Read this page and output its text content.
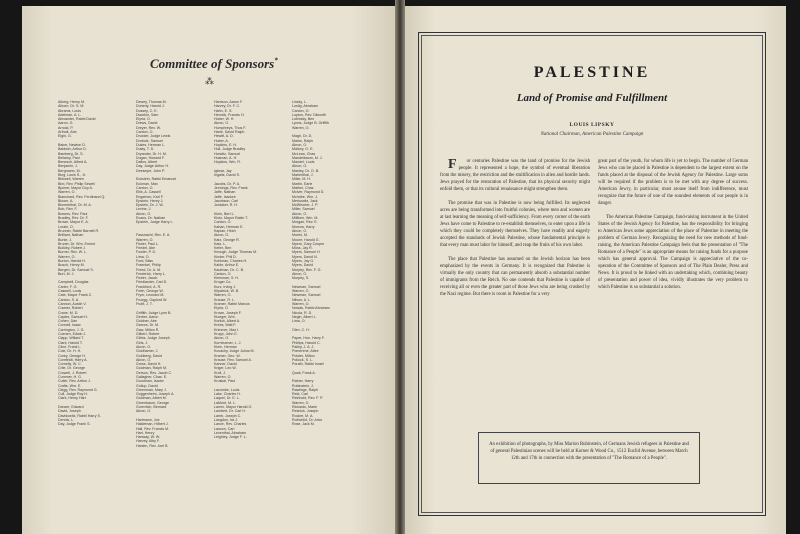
Committee of Sponsors*
⁂
Alberg, Henry M.
Alhorn, Dr. S. M.
Abrams, Louis
Adelman, A. L.
Alexander, Rabbi David
Aaron, G.
Arnold, P.
Artholt, Abe
Elgin, G.
Baker, Newton D.
Baldwin, Arthur D.
Bamberg, Dr. S.
Bellamy, Paul
Benesch, Alfred A.
Benjamin, J.
Bergmann, M.
Bing, Louis S., Jr.
Birkwell, Warren
Bird, Rev. Philip Sewell
Bjomer, Mayor Guy A.
Warren, O.
Blanchard, Rev. Ferdinand Q.
Bloom, A.
Blumenthal, Dr. M. A.
Bob, Rev. F.
Bowers, Rev. Paul
Bradley, Rev. Dr. F.
Brown, Mayor E. A.
Lorain, O.
Brunner, Rabbi Barnett R.
Brilliant, Nathan
Burke, J.
Bruner, Dr. Wm. Ernest
Bulkley, Robert J.
Burner, Rev. W. L.
Warren, O.
Burton, Harold H.
Busch, Henry M.
Bergen, Dr. Samuel S.
Burt, M. J.
Campbell, Douglas
Carter, F. G.
Caswell, Louis
Cate, Mayor Frank C.
Canton, S. A.
Cannon, Austin V.
Cramer, Robert
Crane, M. D.
Caples, Samuel H.
Cohen, Dan
Connell, Isaac
Carrington, J. G.
Coenen, Edwin J.
Clapp, Willard T.
Clark, Harold T.
Cline, Frank L.
Cole, Dr. H. H.
Corey, George H.
Cornfeldt, Harry A.
Cornelly, W. C.
Crile, Dr. George
Crowell, J. Robert
Cummer, H. G.
Cutler, Rev. Arthur J.
Crafts, Wm. E.
Clegg, Rev. Raymond G.
Cull, Judge Roy H.
Clark, Henry Hart
Danzer, Edward
David, Joseph
Davidowitz, Rabbi Harry S.
Dennis, L.
Day, Judge Frank S.
Dewey, Thomas M.
Doherty, Harold J.
Dossey, C. E.
Dworkin, Sam
Elyria, O.
Drews, David
Dreyer, Rev. W.
Canton, O.
Drucker, Judge Lewis
Drobotz, Samuel
Dukes, Herman L.
Dulay, T. D.
Dryander, Dr. H. M.
Dugan, Howard F.
Dallos, Albert
Day, Judge Arthur H.
Deeseyer, John P.
Ecksteln, Rabbi Emanuel
Eckman, Max
Canton, O.
Ellis, A. Cassell
Engstrom, Karl F.
Epstein, Henry J.
Epstein, Dr. J. W.
Levine, J.
Akron, O.
Evans, Dr. Nathan
Epstein, Judge Harry L.
Fassnacht, Rev. E. A.
Warren, O.
Fisher, Paul L.
Friedel, Abe
Fowler, P. D.
Lima, O.
Ford, Bliss
Fraenkel, Philip
Freed, Dr. A. M.
Frederick, Harry L.
Fisher, Jacob
Friedlander, Carl D.
Frankford, A. R.
Forth, George W.
Fryer, Leonard M.
Fruegg, Gaylord W.
Fruitt, J. T.
Griffith, Judge Lynn B.
Gerber, Aaron
Goldner, Abe
Garrow, Dr. M.
Gaw, Milton R.
Gilbert, Robert
Gibbs, Judge Joseph
Girls, J.
Akron, O.
Goldhamer, J.
Goldberg, David
Akron, O.
Gross, David H.
Goldman, Ralph M.
Gerson, Rev. Jacob C.
Gallagher, Chas. E.
Goodman, Isador
Gollup, David
Greenman, Mary J.
Guggenheim, Joseph A.
Goldman, Albert M.
Greenbaum, George
Gurevitch, Bernard
Akron, O.
Hartmann, Joe
Haldeman, Hilbert J.
Hall, Rev. Francis M.
Hart, Henry
Hanway, W. W.
Harvey, Alby F.
Hanlen, Rev. Joel B.
Harrison, Aaron F.
Harvey, Dr. F. C.
Hahn, E. S.
Henrick, Francis H.
Huber, W. H.
Akron, O.
Humphreys, Thos F.
Harte, David Ralph
Hewitt, A. D.
Huber, A.
Hopkins, E. H.
Hull, Judge Bradley
Horwitz, Samuel
Husman, A. H.
Hopkins, Wm. R.
Igbear, Jay
Ingalls, David S.
Jacobs, Dr. P. A.
Jennings, Rev. Frank
Jaffe, Nathan
Jaffe, Isadore
Jacobson, Carl
Jordaker, R. H.
Klein, Bert L.
Klotz, Mayor Rabin T.
Canton, O.
Kahan, Herman E.
Kaplan, Hirsh
Akron, O.
Katz, George R.
Katz, L.
Keller, Ben
Keough, Judge Thomas M.
Kinder, Phil D.
Kohlman, Charles H.
Kahle, Arthur E.
Kaufman, Dr. C. B.
Canton, O.
Kleinman, S. H.
Kroger Co.
Kurz, Irving J.
Kilpatrick, W. B.
Warren, O.
Krause, R. L.
Kramer, Rabbi Marcus
Elyria, O.
Krown, Joseph F.
Kloeger, Wm.
Korlick, Albert A.
Krebs, Walt F.
Krimmer, Max I.
Krupp, John E.
Akron, O.
Kornbuener, L. J.
Klein, Herman
Kovachy, Judge Julius M.
Kramer, Geo. W.
Krause, Rev. Samuel A.
Kanner, David
Kriger, Leo W.
Kroll, J.
Warren, O.
Kruskal, Paul
Lacombe, Louis
Lake, Charles H.
Laquel, Dr. E. L.
LaMont, M. L.
Lamm, Mayor Harold G.
Lambert, Dr. Carl H.
Lamb, Joseph C.
Langdon, Ira J.
Lance, Rev. Charles
Lauson, Carl
Leventhal, Abraham
Leighley, Judge F. L.
Linsky, L.
Lustig, Abraham
Canton, O.
Lupton, Rev. Dilworth
Lubinsky, Ben
Lyons, Judge B. Griffith
Warren, O.
Magri, Dr. D.
Marks, Ralph
Akron, O.
Mallory, O. E.
McLean, Chas
Mandelbaum, M. J.
Mandel, Louis
Akron, O.
Manley, Dr. O. B.
Marienthal, J.
Miller, M. H.
Martin, Earle
Mather, Chas
Mciver, Raymond D.
McIntire, Wm. J.
Merkowitz, Jack
McWhorter, J. P.
Miller, Samuel
Akron, O.
Milliken, Wm. M.
Morgan, Rev. E.
Morrow, Harry
Akron, O.
Morris, M.
Moore, Harold G.
Myers, Gary Cooper
Moss, Jay R.
Myers, Samuel H.
Myers, David N.
Myers, Jay G.
Myers, David
Murphy, Rev. F. G.
Akron, O.
Murphy, S.
Newman, Samuel
Warren, O.
Newman, Samuel
Nilson, A. L.
Warren, O.
Nowak, Rabbi Abraham
Nicola, R. D.
Negin, Albert L.
Lima, O.
Olen, C. H.
Paper, Hon. Harry F.
Phillips, Harold C.
Pailey, J. A. J.
Pomerene, Atlee
Polster, Milton
Pollock, S. L.
Porath, Rabbi Israel
Quail, Frank A.
Ratner, Harry
Rubinstein, J.
Rawlings, Ralph
Reid, Carl
Reinhold, Rev. F. P.
Warren, O.
Rickards, Marie
Resnick, Joseph
Rocker, M. A.
Rothchild, Dr. Artur
Rose, Jack M.
PALESTINE
Land of Promise and Fulfillment
LOUIS LIPSKY
National Chairman, American Palestine Campaign

F	or centuries Palestine was the land of promise for the Jewish people. It represented a hope, the symbol of eventual liberation from the misery, the restriction and the stultification in alien and hostile lands. Jews prayed for the restoration of Palestine, that its physical security might enfold them, or that its cultural renaissance might strengthen them.

The promise that was in Palestine is now being fulfilled. Its neglected acres are being transformed into fruitful colonies, where men and women are at last learning the meaning of self-sufficiency. From every corner of the earth Jews have come to Palestine to re-establish themselves, to enter upon a life in which they could be completely themselves. They have readily and eagerly accepted the standards of Jewish Palestine, whose fundamental principle is that every man must labor for himself, and reap the fruits of his own labor.

The place that Palestine has assumed on the Jewish horizon has been emphasized by the events in Germany. It is recognized that Palestine is virtually the only country that can permanently absorb a substantial number of immigrants from the Reich. No one contends that Palestine is capable of receiving all or even the greater part of those Jews who are being crushed by the Nazi regime. But there is room in Palestine for a very

great part of the youth, for whom life is yet to begin. The number of German Jews who can be placed in Palestine is dependent to the largest extent on the funds placed at the disposal of the Jewish Agency for Palestine. Large sums will be required if the problem is to be met with any degree of success. American Jewry, in particular, must arouse itself from indifference, must recognize that the future of one of the soundest elements of our people is in danger.

The American Palestine Campaign, fund-raising instrument in the United States of the Jewish Agency for Palestine, has the responsibility for bringing to American Jews some appreciation of the place of Palestine in meeting the problem of German Jewry. Recognizing the need for new methods of fund-raising, the American Palestine Campaign feels that the presentation of "The Romance of a People" is an appropriate means for raising funds for a purpose which has general approval. The Campaign is appreciative of the co-operation of the Committee of Sponsors and of The Plain Dealer, Press and News. It is proud to be linked with an undertaking which, combining beauty of presentation and power of idea, vividly illustrates the very problem to which Palestine is so substantial a solution.

An exhibition of photographs, by Miss Marion Rubinstein, of Germans Jewish refugees in Palestine and of general Palestinian scenes will be held at Korner & Wood Co., 1512 Euclid Avenue, between March 12th and 17th in connection with the presentation of "The Romance of a People".
